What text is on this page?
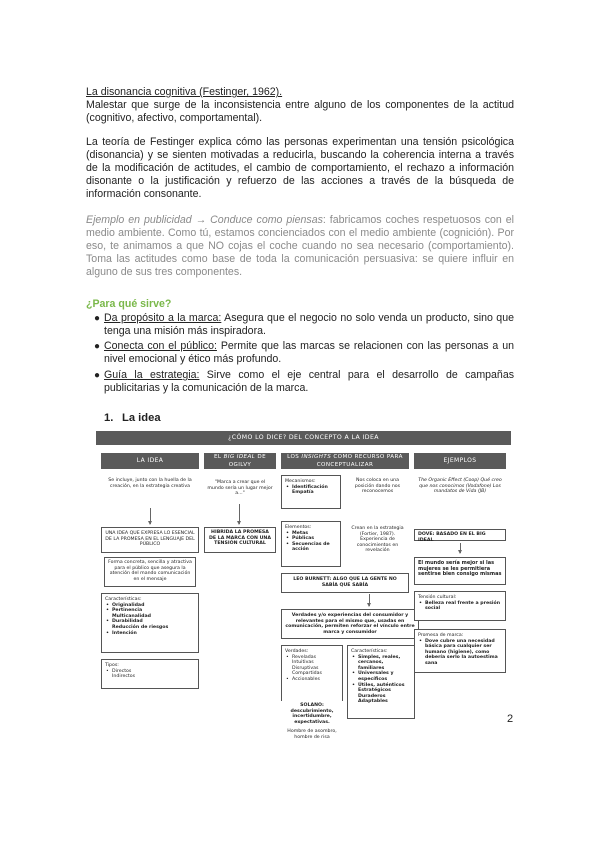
La disonancia cognitiva (Festinger, 1962).

Malestar que surge de la inconsistencia entre alguno de los componentes de la actitud (cognitivo, afectivo, comportamental).
La teoría de Festinger explica cómo las personas experimentan una tensión psicológica (disonancia) y se sienten motivadas a reducirla, buscando la coherencia interna a través de la modificación de actitudes, el cambio de comportamiento, el rechazo a información disonante o la justificación y refuerzo de las acciones a través de la búsqueda de información consonante.
Ejemplo en publicidad → Conduce como piensas: fabricamos coches respetuosos con el medio ambiente. Como tú, estamos concienciados con el medio ambiente (cognición). Por eso, te animamos a que NO cojas el coche cuando no sea necesario (comportamiento). Toma las actitudes como base de toda la comunicación persuasiva: se quiere influir en alguno de sus tres componentes.
¿Para qué sirve?
● Da propósito a la marca: Asegura que el negocio no solo venda un producto, sino que tenga una misión más inspiradora.
● Conecta con el público: Permite que las marcas se relacionen con las personas a un nivel emocional y ético más profundo.
● Guía la estrategia: Sirve como el eje central para el desarrollo de campañas publicitarias y la comunicación de la marca.
1. La idea
¿CÓMO LO DICE? DEL CONCEPTO A LA IDEA
LA IDEA	EL BIG IDEAL DE OGILVY
LOS INSIGHTS COMO RECURSO PARA CONCEPTUALIZAR
EJEMPLOS
Se incluye, junto con la huella de la creación, en la estrategia creativa
UNA IDEA QUE EXPRESA LO ESENCIAL DE LA PROMESA EN EL LENGUAJE DEL PÚBLICO
Forma concreta, sencilla y atractiva para el público que asegura la atención del mando comunicación en el mensaje
Características:
• Originalidad
• Pertinencia
Multicanalidad
• Durabilidad
Reducción de riesgos
• Intención
Tipos:
• Directos
Indirectos
"Marca a crear que el mundo sería un lugar mejor a..."
HIBRIDA LA PROMESA DE LA MARCA CON UNA TENSIÓN CULTURAL
Mecanismos:
• Identificación
Empatía
Nos coloca en una posición dando nos reconocemos
Elementos:
• Metas
• Públicas
• Secuencias de acción
Crean en la estrategia (Fortier, 1987). Experiencia de conocimientos en revelación
LEO BURNETT: ALGO QUE LA GENTE NO SABÍA QUE SABÍA
Verdades y/o experiencias del consumidor y relevantes para el mismo que, usadas en comunicación, permiten reforzar el vínculo entre marca y consumidor
Verdades:
• Reveladas
Intuitivas
Disruptivas
Compartidas
• Accionables
Características:
• Simples, reales, cercanos, familiares
• Universales y específicos
• Útiles, auténticos
Estratégicos
Duraderos
Adaptables
SOLANO: descubrimiento, incertidumbre, expectativas.
The Organic Effect (Coop) Qué creo que nos conocimos (Vodafone) Los mandatos de Vida (JB)
DOVE: BASADO EN EL BIG IDEAL
El mundo sería mejor si las mujeres se les permitiera sentirse bien consigo mismas
Tensión cultural:
• Belleza real frente a presión social
Promesa de marca:
• Dove cubre una necesidad básica para cualquier ser humano (higiene), como debería serlo la autoestima sana
Hombre de asombro, hombre de risa
2
